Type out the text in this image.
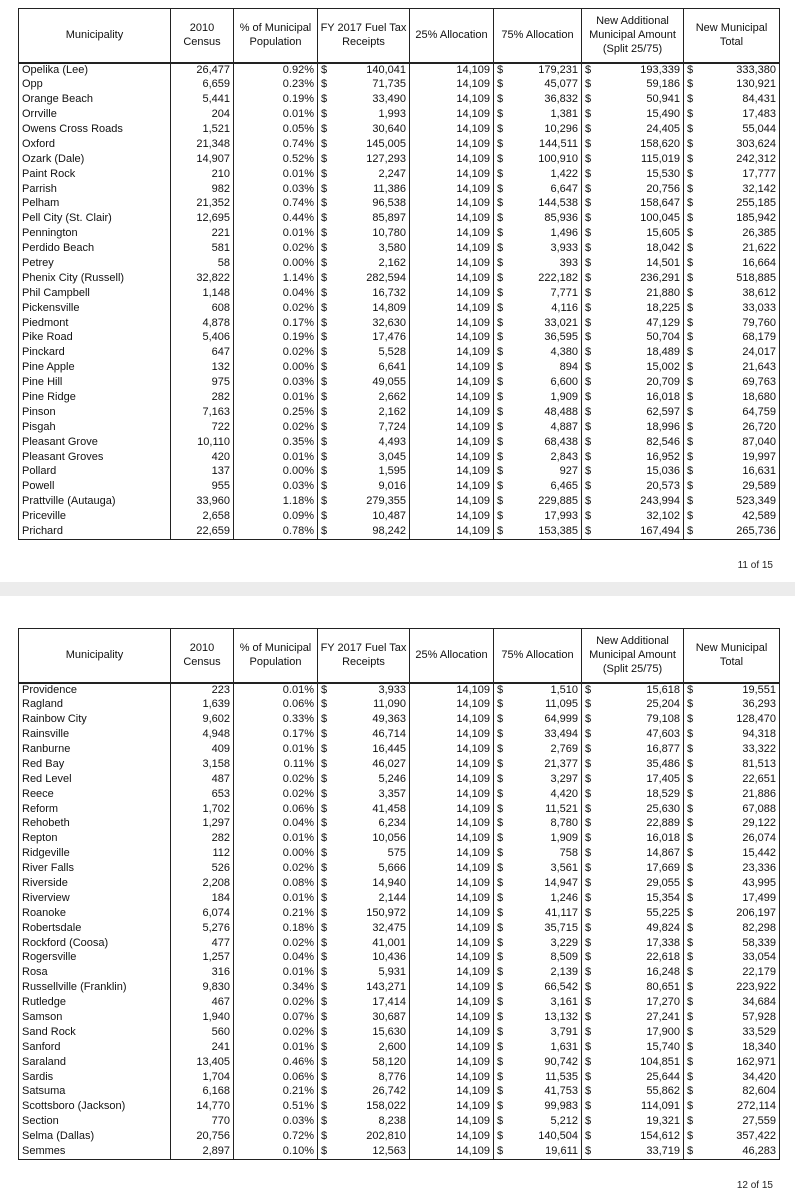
Municipality	2010 Census	% of Municipal Population	FY 2017 Fuel Tax Receipts	25% Allocation	75% Allocation	New Additional Municipal Amount (Split 25/75)	New Municipal Total
Opelika (Lee)	26,477	0.92%	$ 140,041	14,109	$ 179,231	$ 193,339	$ 333,380

Opp	6,659	0.23%	$ 71,735	14,109	$ 45,077	$ 59,186	$ 130,921

Orange Beach	5,441	0.19%	$ 33,490	14,109	$ 36,832	$ 50,941	$ 84,431

Orrville	204	0.01%	$ 1,993	14,109	$ 1,381	$ 15,490	$ 17,483

Owens Cross Roads	1,521	0.05%	$ 30,640	14,109	$ 10,296	$ 24,405	$ 55,044

Oxford	21,348	0.74%	$ 145,005	14,109	$ 144,511	$ 158,620	$ 303,624

Ozark (Dale)	14,907	0.52%	$ 127,293	14,109	$ 100,910	$ 115,019	$ 242,312

Paint Rock	210	0.01%	$ 2,247	14,109	$ 1,422	$ 15,530	$ 17,777

Parrish	982	0.03%	$ 11,386	14,109	$ 6,647	$ 20,756	$ 32,142

Pelham	21,352	0.74%	$ 96,538	14,109	$ 144,538	$ 158,647	$ 255,185

Pell City (St. Clair)	12,695	0.44%	$ 85,897	14,109	$ 85,936	$ 100,045	$ 185,942

Pennington	221	0.01%	$ 10,780	14,109	$ 1,496	$ 15,605	$ 26,385

Perdido Beach	581	0.02%	$ 3,580	14,109	$ 3,933	$ 18,042	$ 21,622

Petrey	58	0.00%	$ 2,162	14,109	$ 393	$ 14,501	$ 16,664

Phenix City (Russell)	32,822	1.14%	$ 282,594	14,109	$ 222,182	$ 236,291	$ 518,885

Phil Campbell	1,148	0.04%	$ 16,732	14,109	$ 7,771	$ 21,880	$ 38,612

Pickensville	608	0.02%	$ 14,809	14,109	$ 4,116	$ 18,225	$ 33,033

Piedmont	4,878	0.17%	$ 32,630	14,109	$ 33,021	$ 47,129	$ 79,760

Pike Road	5,406	0.19%	$ 17,476	14,109	$ 36,595	$ 50,704	$ 68,179

Pinckard	647	0.02%	$ 5,528	14,109	$ 4,380	$ 18,489	$ 24,017

Pine Apple	132	0.00%	$ 6,641	14,109	$ 894	$ 15,002	$ 21,643

Pine Hill	975	0.03%	$ 49,055	14,109	$ 6,600	$ 20,709	$ 69,763

Pine Ridge	282	0.01%	$ 2,662	14,109	$ 1,909	$ 16,018	$ 18,680

Pinson	7,163	0.25%	$ 2,162	14,109	$ 48,488	$ 62,597	$ 64,759

Pisgah	722	0.02%	$ 7,724	14,109	$ 4,887	$ 18,996	$ 26,720

Pleasant Grove	10,110	0.35%	$ 4,493	14,109	$ 68,438	$ 82,546	$ 87,040

Pleasant Groves	420	0.01%	$ 3,045	14,109	$ 2,843	$ 16,952	$ 19,997

Pollard	137	0.00%	$ 1,595	14,109	$ 927	$ 15,036	$ 16,631

Powell	955	0.03%	$ 9,016	14,109	$ 6,465	$ 20,573	$ 29,589

Prattville (Autauga)	33,960	1.18%	$ 279,355	14,109	$ 229,885	$ 243,994	$ 523,349

Priceville	2,658	0.09%	$ 10,487	14,109	$ 17,993	$ 32,102	$ 42,589

Prichard	22,659	0.78%	$ 98,242	14,109	$ 153,385	$ 167,494	$ 265,736
11 of 15
Municipality	2010 Census	% of Municipal Population	FY 2017 Fuel Tax Receipts	25% Allocation	75% Allocation	New Additional Municipal Amount (Split 25/75)	New Municipal Total
Providence	223	0.01%	$ 3,933	14,109	$ 1,510	$ 15,618	$ 19,551

Ragland	1,639	0.06%	$ 11,090	14,109	$ 11,095	$ 25,204	$ 36,293

Rainbow City	9,602	0.33%	$ 49,363	14,109	$ 64,999	$ 79,108	$ 128,470

Rainsville	4,948	0.17%	$ 46,714	14,109	$ 33,494	$ 47,603	$ 94,318

Ranburne	409	0.01%	$ 16,445	14,109	$ 2,769	$ 16,877	$ 33,322

Red Bay	3,158	0.11%	$ 46,027	14,109	$ 21,377	$ 35,486	$ 81,513

Red Level	487	0.02%	$ 5,246	14,109	$ 3,297	$ 17,405	$ 22,651

Reece	653	0.02%	$ 3,357	14,109	$ 4,420	$ 18,529	$ 21,886

Reform	1,702	0.06%	$ 41,458	14,109	$ 11,521	$ 25,630	$ 67,088

Rehobeth	1,297	0.04%	$ 6,234	14,109	$ 8,780	$ 22,889	$ 29,122

Repton	282	0.01%	$ 10,056	14,109	$ 1,909	$ 16,018	$ 26,074

Ridgeville	112	0.00%	$ 575	14,109	$ 758	$ 14,867	$ 15,442

River Falls	526	0.02%	$ 5,666	14,109	$ 3,561	$ 17,669	$ 23,336

Riverside	2,208	0.08%	$ 14,940	14,109	$ 14,947	$ 29,055	$ 43,995

Riverview	184	0.01%	$ 2,144	14,109	$ 1,246	$ 15,354	$ 17,499

Roanoke	6,074	0.21%	$ 150,972	14,109	$ 41,117	$ 55,225	$ 206,197

Robertsdale	5,276	0.18%	$ 32,475	14,109	$ 35,715	$ 49,824	$ 82,298

Rockford (Coosa)	477	0.02%	$ 41,001	14,109	$ 3,229	$ 17,338	$ 58,339

Rogersville	1,257	0.04%	$ 10,436	14,109	$ 8,509	$ 22,618	$ 33,054

Rosa	316	0.01%	$ 5,931	14,109	$ 2,139	$ 16,248	$ 22,179

Russellville (Franklin)	9,830	0.34%	$ 143,271	14,109	$ 66,542	$ 80,651	$ 223,922

Rutledge	467	0.02%	$ 17,414	14,109	$ 3,161	$ 17,270	$ 34,684

Samson	1,940	0.07%	$ 30,687	14,109	$ 13,132	$ 27,241	$ 57,928

Sand Rock	560	0.02%	$ 15,630	14,109	$ 3,791	$ 17,900	$ 33,529

Sanford	241	0.01%	$ 2,600	14,109	$ 1,631	$ 15,740	$ 18,340

Saraland	13,405	0.46%	$ 58,120	14,109	$ 90,742	$ 104,851	$ 162,971

Sardis	1,704	0.06%	$ 8,776	14,109	$ 11,535	$ 25,644	$ 34,420

Satsuma	6,168	0.21%	$ 26,742	14,109	$ 41,753	$ 55,862	$ 82,604

Scottsboro (Jackson)	14,770	0.51%	$ 158,022	14,109	$ 99,983	$ 114,091	$ 272,114

Section	770	0.03%	$ 8,238	14,109	$ 5,212	$ 19,321	$ 27,559

Selma (Dallas)	20,756	0.72%	$ 202,810	14,109	$ 140,504	$ 154,612	$ 357,422

Semmes	2,897	0.10%	$ 12,563	14,109	$ 19,611	$ 33,719	$ 46,283
12 of 15
